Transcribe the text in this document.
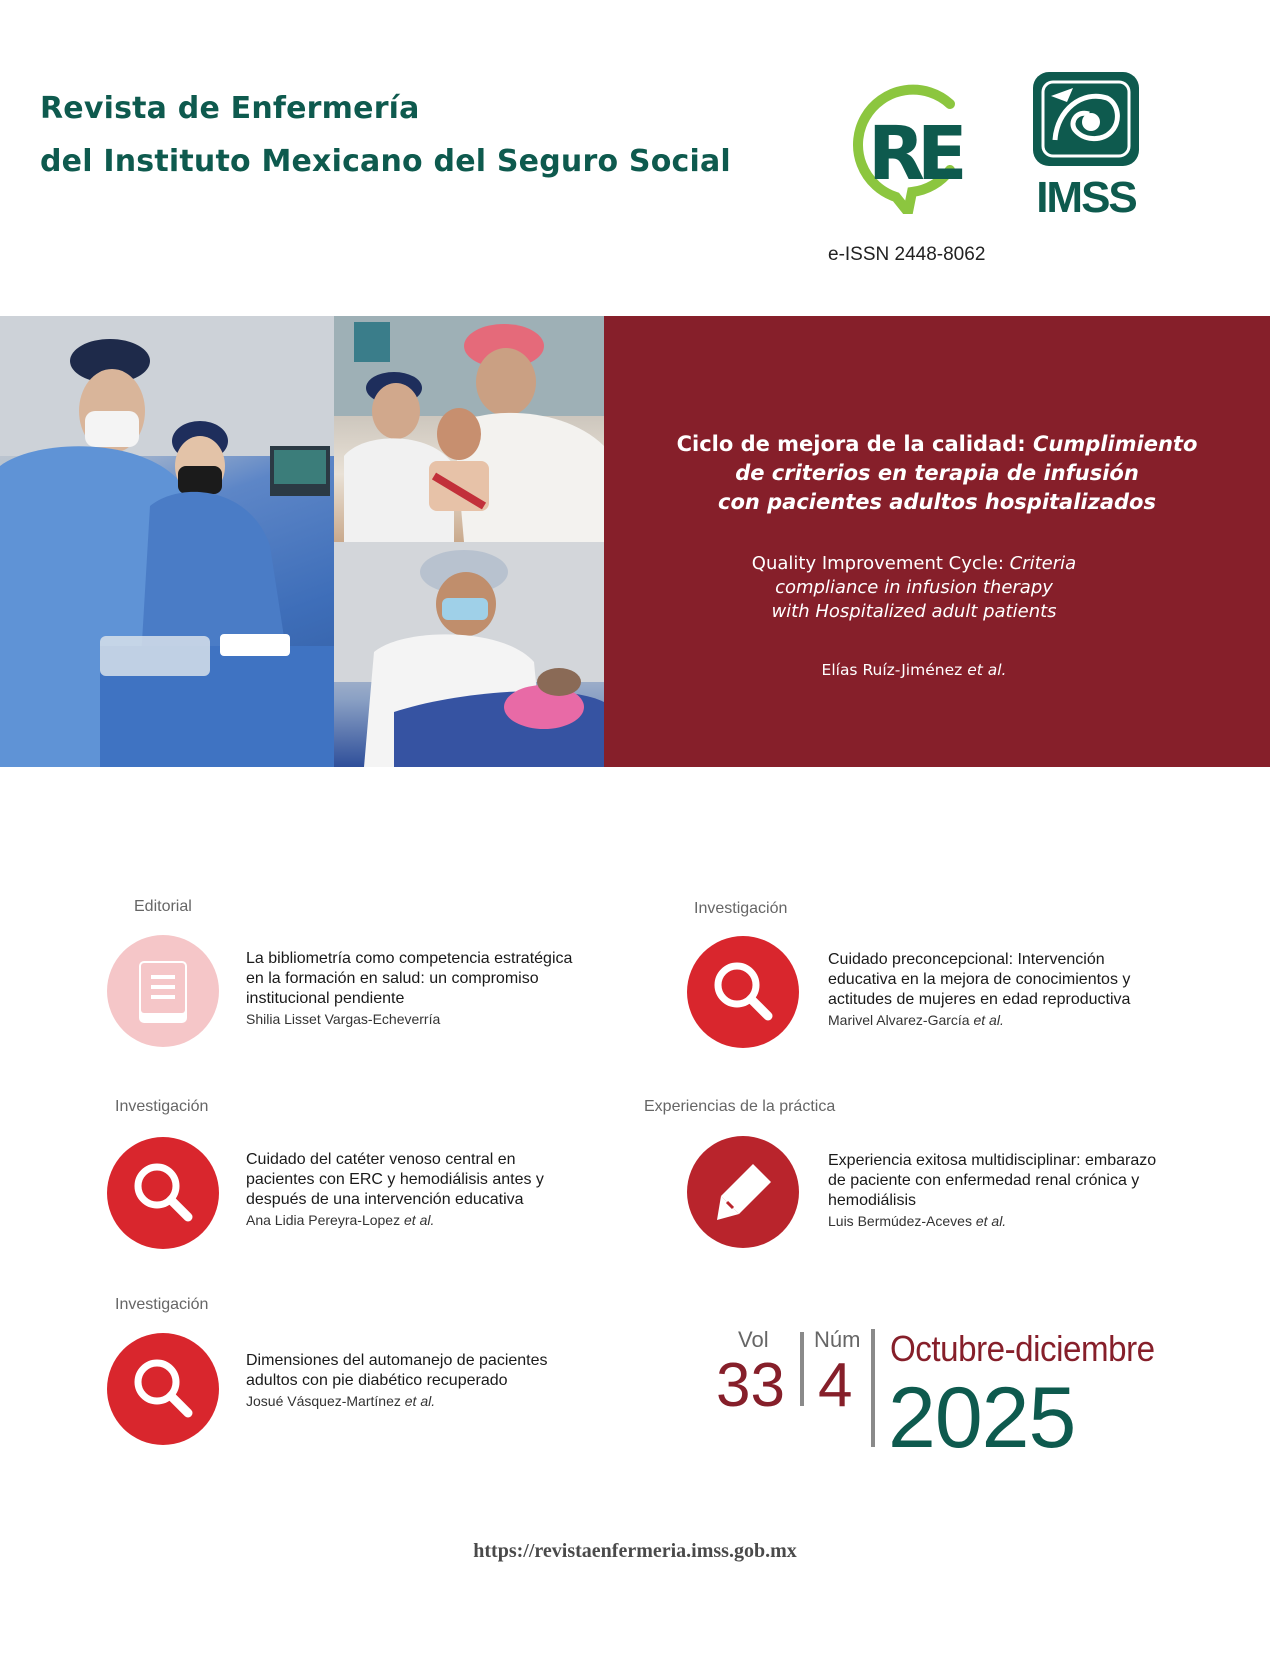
Revista de Enfermería
del Instituto Mexicano del Seguro Social RE
IMSS
e-ISSN 2448-8062
Ciclo de mejora de la calidad: Cumplimiento
de criterios en terapia de infusión
con pacientes adultos hospitalizados
Quality Improvement Cycle: Criteria
compliance in infusion therapy
with Hospitalized adult patients
Elías Ruíz-Jiménez et al.
Editorial
La bibliometría como competencia estratégica
en la formación en salud: un compromiso
institucional pendiente
Shilia Lisset Vargas-Echeverría
Investigación
Cuidado preconcepcional: Intervención
educativa en la mejora de conocimientos y
actitudes de mujeres en edad reproductiva
Marivel Alvarez-García et al.
Investigación
Cuidado del catéter venoso central en
pacientes con ERC y hemodiálisis antes y
después de una intervención educativa
Ana Lidia Pereyra-Lopez et al.
Experiencias de la práctica
Experiencia exitosa multidisciplinar: embarazo
de paciente con enfermedad renal crónica y
hemodiálisis
Luis Bermúdez-Aceves et al.
Investigación
Dimensiones del automanejo de pacientes
adultos con pie diabético recuperado
Josué Vásquez-Martínez et al.
Vol
33
Núm
4
Octubre-diciembre
2025
https://revistaenfermeria.imss.gob.mx
